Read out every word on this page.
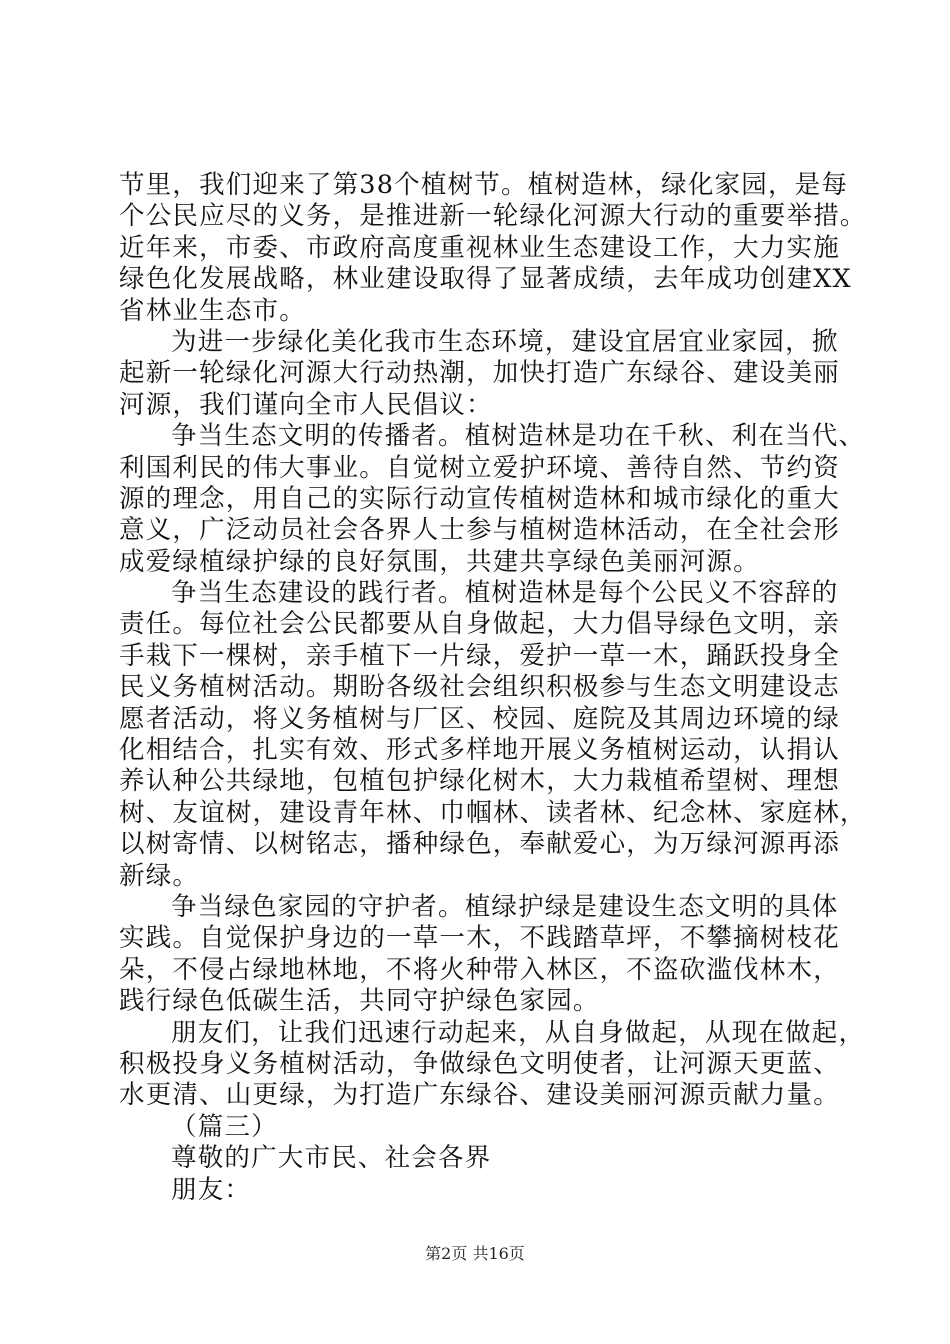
节里，我们迎来了第38个植树节。植树造林，绿化家园，是每
个公民应尽的义务，是推进新一轮绿化河源大行动的重要举措。
近年来，市委、市政府高度重视林业生态建设工作，大力实施
绿色化发展战略，林业建设取得了显著成绩，去年成功创建XX
省林业生态市。
为进一步绿化美化我市生态环境，建设宜居宜业家园，掀
起新一轮绿化河源大行动热潮，加快打造广东绿谷、建设美丽
河源，我们谨向全市人民倡议：
争当生态文明的传播者。植树造林是功在千秋、利在当代、
利国利民的伟大事业。自觉树立爱护环境、善待自然、节约资
源的理念，用自己的实际行动宣传植树造林和城市绿化的重大
意义，广泛动员社会各界人士参与植树造林活动，在全社会形
成爱绿植绿护绿的良好氛围，共建共享绿色美丽河源。
争当生态建设的践行者。植树造林是每个公民义不容辞的
责任。每位社会公民都要从自身做起，大力倡导绿色文明，亲
手栽下一棵树，亲手植下一片绿，爱护一草一木，踊跃投身全
民义务植树活动。期盼各级社会组织积极参与生态文明建设志
愿者活动，将义务植树与厂区、校园、庭院及其周边环境的绿
化相结合，扎实有效、形式多样地开展义务植树运动，认捐认
养认种公共绿地，包植包护绿化树木，大力栽植希望树、理想
树、友谊树，建设青年林、巾帼林、读者林、纪念林、家庭林，
以树寄情、以树铭志，播种绿色，奉献爱心，为万绿河源再添
新绿。
争当绿色家园的守护者。植绿护绿是建设生态文明的具体
实践。自觉保护身边的一草一木，不践踏草坪，不攀摘树枝花
朵，不侵占绿地林地，不将火种带入林区，不盗砍滥伐林木，
践行绿色低碳生活，共同守护绿色家园。
朋友们，让我们迅速行动起来，从自身做起，从现在做起，
积极投身义务植树活动，争做绿色文明使者，让河源天更蓝、
水更清、山更绿，为打造广东绿谷、建设美丽河源贡献力量。
（篇三）
尊敬的广大市民、社会各界
朋友：
第2页 共16页
